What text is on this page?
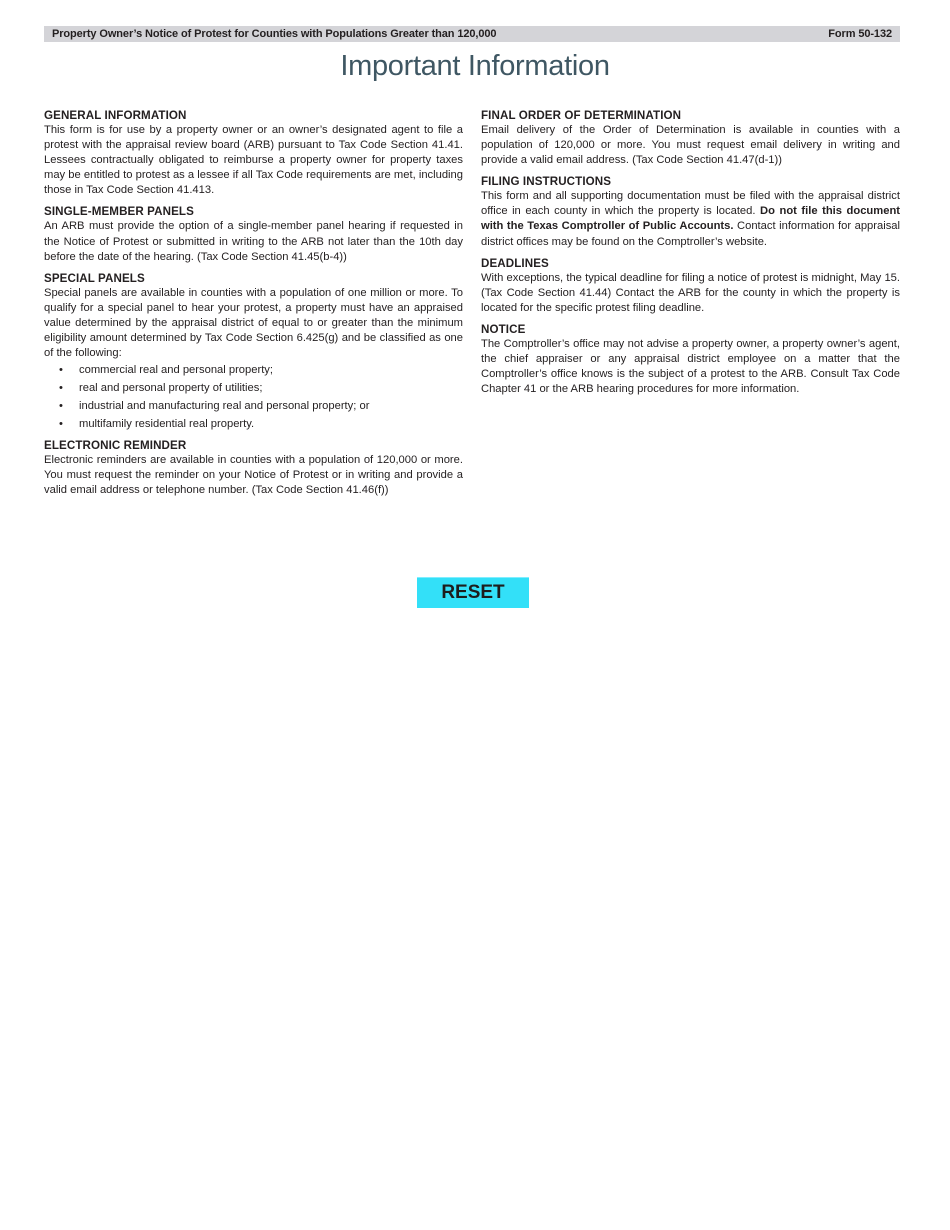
Property Owner’s Notice of Protest for Counties with Populations Greater than 120,000	Form 50-132
Important Information
GENERAL INFORMATION

This form is for use by a property owner or an owner’s designated agent to file a protest with the appraisal review board (ARB) pursuant to Tax Code Section 41.41. Lessees contractually obligated to reimburse a property owner for property taxes may be entitled to protest as a lessee if all Tax Code requirements are met, including those in Tax Code Section 41.413.

SINGLE-MEMBER PANELS

An ARB must provide the option of a single-member panel hearing if requested in the Notice of Protest or submitted in writing to the ARB not later than the 10th day before the date of the hearing. (Tax Code Section 41.45(b-4))

SPECIAL PANELS

Special panels are available in counties with a population of one million or more. To qualify for a special panel to hear your protest, a property must have an appraised value determined by the appraisal district of equal to or greater than the minimum eligibility amount determined by Tax Code Section 6.425(g) and be classified as one of the following:

• commercial real and personal property;
• real and personal property of utilities;
• industrial and manufacturing real and personal property; or
• multifamily residential real property.
ELECTRONIC REMINDER

Electronic reminders are available in counties with a population of 120,000 or more. You must request the reminder on your Notice of Protest or in writing and provide a valid email address or telephone number. (Tax Code Section 41.46(f))

FINAL ORDER OF DETERMINATION

Email delivery of the Order of Determination is available in counties with a population of 120,000 or more. You must request email delivery in writing and provide a valid email address. (Tax Code Section 41.47(d-1))

FILING INSTRUCTIONS

This form and all supporting documentation must be filed with the appraisal district office in each county in which the property is located. Do not file this document with the Texas Comptroller of Public Accounts. Contact information for appraisal district offices may be found on the Comptroller’s website.

DEADLINES

With exceptions, the typical deadline for filing a notice of protest is midnight, May 15. (Tax Code Section 41.44) Contact the ARB for the county in which the property is located for the specific protest filing deadline.

NOTICE

The Comptroller’s office may not advise a property owner, a property owner’s agent, the chief appraiser or any appraisal district employee on a matter that the Comptroller’s office knows is the subject of a protest to the ARB. Consult Tax Code Chapter 41 or the ARB hearing procedures for more information.

RESET
